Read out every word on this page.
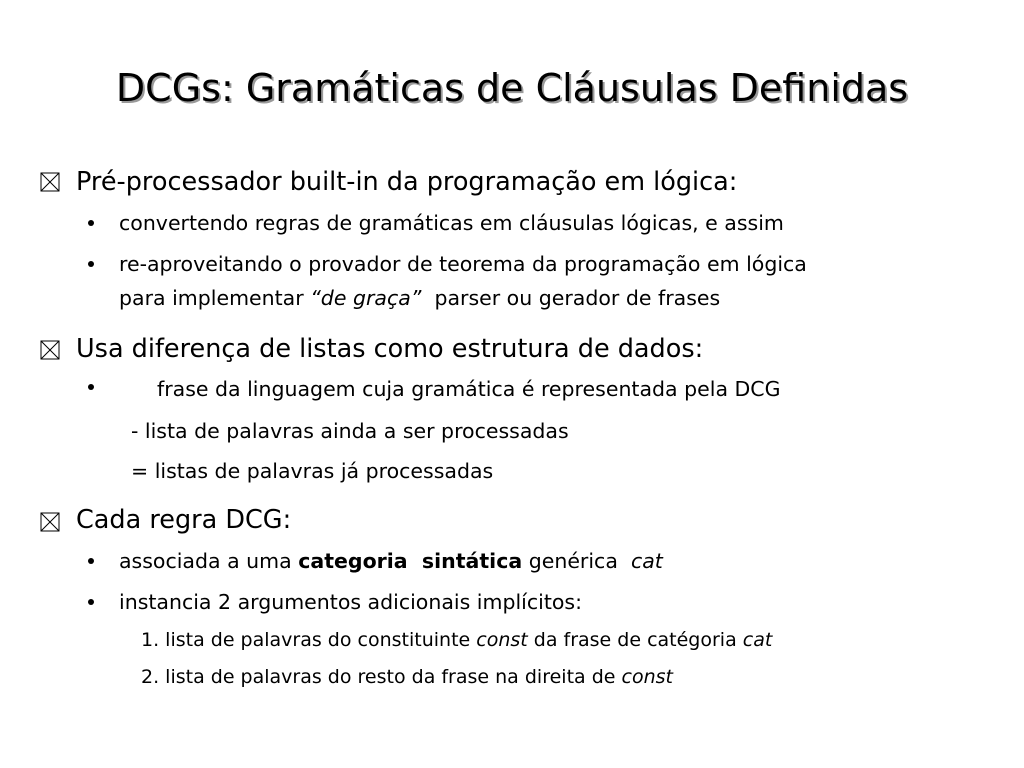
DCGs: Gramáticas de Cláusulas Definidas
Pré-processador built-in da programação em lógica:
convertendo regras de gramáticas em cláusulas lógicas, e assim
re-aproveitando o provador de teorema da programação em lógica
para implementar “de graça”  parser ou gerador de frases
Usa diferença de listas como estrutura de dados:
frase da linguagem cuja gramática é representada pela DCG
- lista de palavras ainda a ser processadas
= listas de palavras já processadas
Cada regra DCG:
associada a uma categoria  sintática genérica  cat
instancia 2 argumentos adicionais implícitos:
1. lista de palavras do constituinte const da frase de catégoria cat
2. lista de palavras do resto da frase na direita de const
